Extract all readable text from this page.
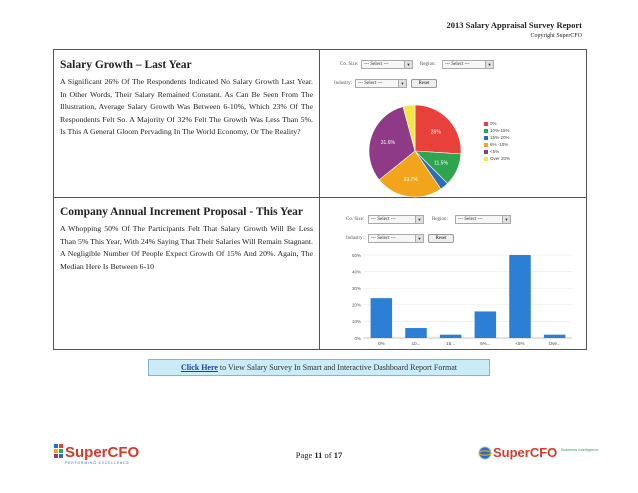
2013 Salary Appraisal Survey Report
Copyright SuperCFO
Salary Growth – Last Year
A Significant 26% Of The Respondents Indicated No Salary Growth Last Year. In Other Words, Their Salary Remained Constant. As Can Be Seen From The Illustration, Average Salary Growth Was Between 6-10%, Which 23% Of The Respondents Felt So. A Majority Of 32% Felt The Growth Was Less Than 5%. Is This A General Gloom Pervading In The World Economy, Or The Reality?
Co. Size:	--- Select ---	▼	Region:	--- Select ---	▼
Industry:	--- Select ---	▼	Reset
26%
11.5%
23.7%
31.6%
0%
10%-15%
15%-20%
6% -10%
<5%
Over 20%
Company Annual Increment Proposal - This Year
A Whopping 50% Of The Participants Felt That Salary Growth Will Be Less Than 5% This Year, With 24% Saying That Their Salaries Will Remain Stagnant. A Negligible Number Of People Expect Growth Of 15% And 20%. Again, The Median Here Is Between 6-10
Co. Size:	--- Select ---	▼	Region:	--- Select ---	▼
Industry:	--- Select ---	▼	Reset
0%
10%
20%
30%
40%
50%
0%	10...	15...	6%...	<5%	Ove...
Click Here to View Salary Survey In Smart and Interactive Dashboard Report Format
SuperCFO
PERFORMING EXCELLENCE
Page 11 of 17	SuperCFO Business Intelligence
